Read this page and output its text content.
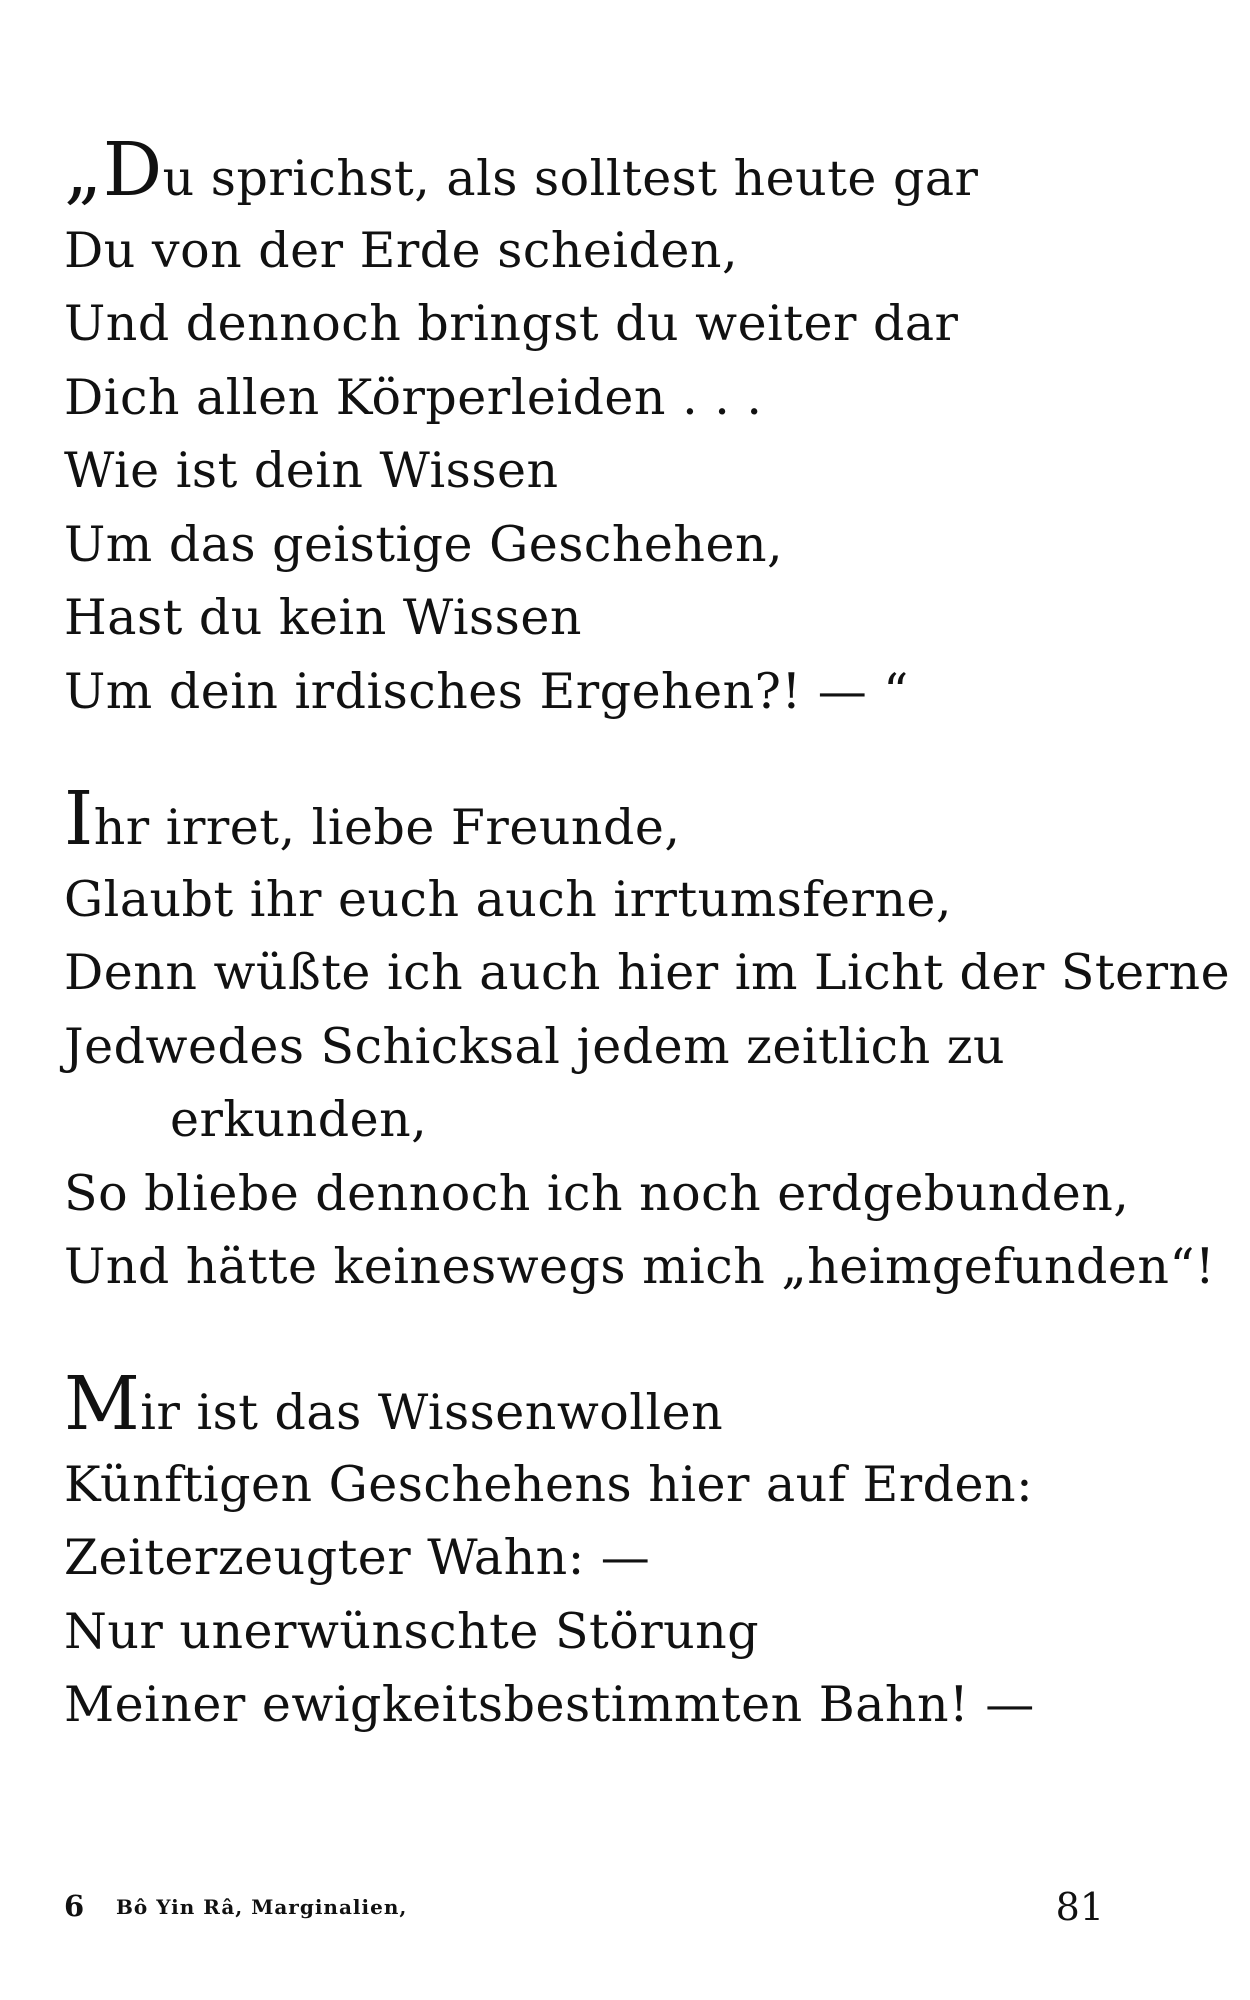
„Du sprichst, als solltest heute gar
Du von der Erde scheiden,
Und dennoch bringst du weiter dar
Dich allen Körperleiden . . .
Wie ist dein Wissen
Um das geistige Geschehen,
Hast du kein Wissen
Um dein irdisches Ergehen?! — “
Ihr irret, liebe Freunde,
Glaubt ihr euch auch irrtumsferne,
Denn wüßte ich auch hier im Licht der Sterne
Jedwedes Schicksal jedem zeitlich zu
erkunden,
So bliebe dennoch ich noch erdgebunden,
Und hätte keineswegs mich „heimgefunden“!
Mir ist das Wissenwollen
Künftigen Geschehens hier auf Erden:
Zeiterzeugter Wahn: —
Nur unerwünschte Störung
Meiner ewigkeitsbestimmten Bahn! —
6 Bô Yin Râ, Marginalien,	81
